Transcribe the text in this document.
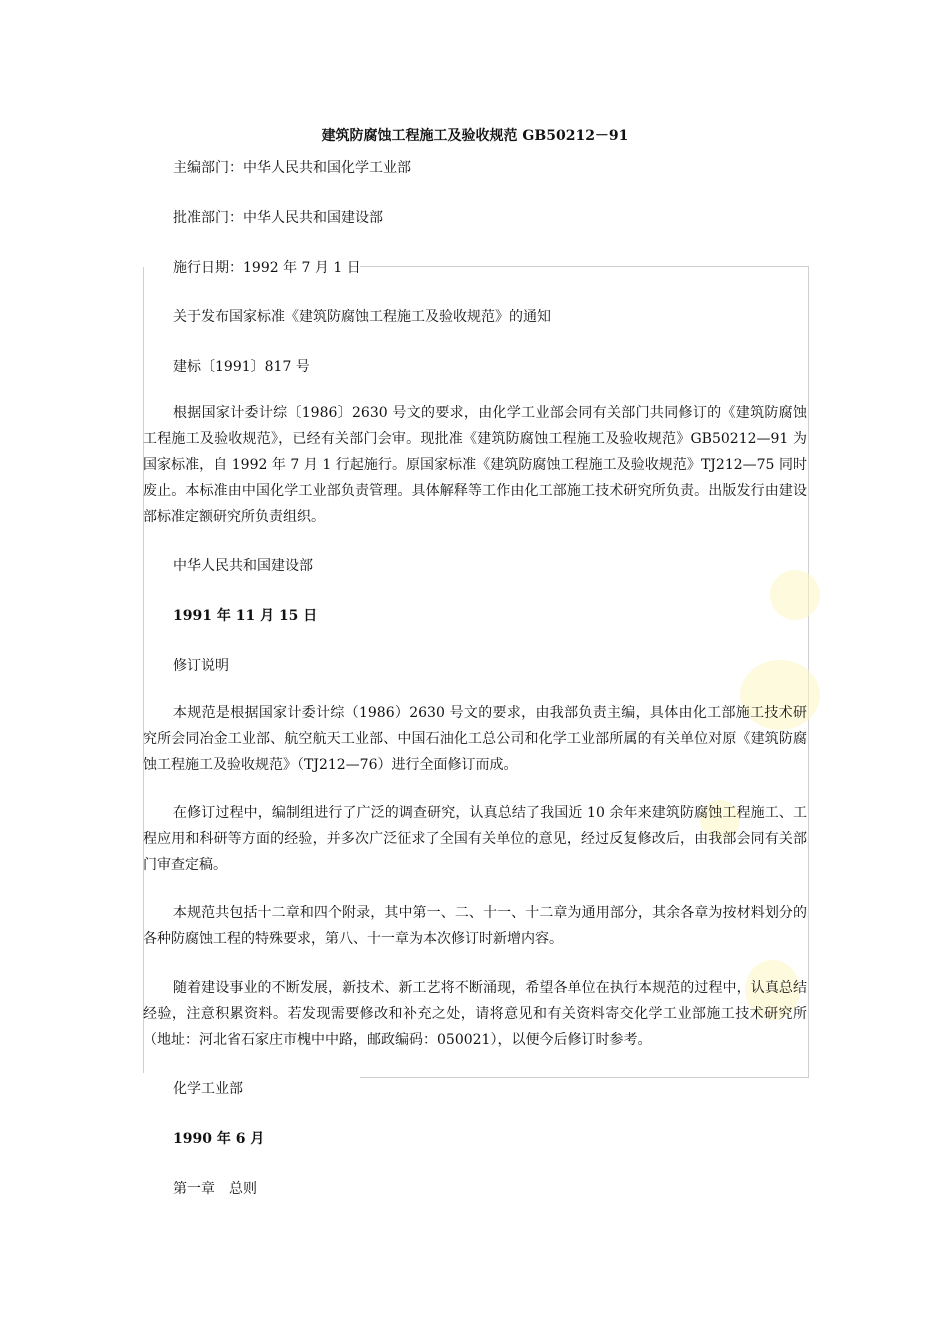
建筑防腐蚀工程施工及验收规范 GB50212－91
主编部门：中华人民共和国化学工业部
批准部门：中华人民共和国建设部
施行日期：1992 年 7 月 1 日
关于发布国家标准《建筑防腐蚀工程施工及验收规范》的通知
建标〔1991〕817 号
根据国家计委计综〔1986〕2630 号文的要求，由化学工业部会同有关部门共同修订的《建筑防腐蚀工程施工及验收规范》，已经有关部门会审。现批准《建筑防腐蚀工程施工及验收规范》GB50212—91 为国家标准，自 1992 年 7 月 1 行起施行。原国家标准《建筑防腐蚀工程施工及验收规范》TJ212—75 同时废止。本标准由中国化学工业部负责管理。具体解释等工作由化工部施工技术研究所负责。出版发行由建设部标准定额研究所负责组织。
中华人民共和国建设部
1991 年 11 月 15 日
修订说明
本规范是根据国家计委计综（1986）2630 号文的要求，由我部负责主编，具体由化工部施工技术研究所会同冶金工业部、航空航天工业部、中国石油化工总公司和化学工业部所属的有关单位对原《建筑防腐蚀工程施工及验收规范》（TJ212—76）进行全面修订而成。
在修订过程中，编制组进行了广泛的调查研究，认真总结了我国近 10 余年来建筑防腐蚀工程施工、工程应用和科研等方面的经验，并多次广泛征求了全国有关单位的意见，经过反复修改后，由我部会同有关部门审查定稿。
本规范共包括十二章和四个附录，其中第一、二、十一、十二章为通用部分，其余各章为按材料划分的各种防腐蚀工程的特殊要求，第八、十一章为本次修订时新增内容。
随着建设事业的不断发展，新技术、新工艺将不断涌现，希望各单位在执行本规范的过程中，认真总结经验，注意积累资料。若发现需要修改和补充之处，请将意见和有关资料寄交化学工业部施工技术研究所（地址：河北省石家庄市槐中中路，邮政编码：050021），以便今后修订时参考。
化学工业部
1990 年 6 月
第一章　总则
